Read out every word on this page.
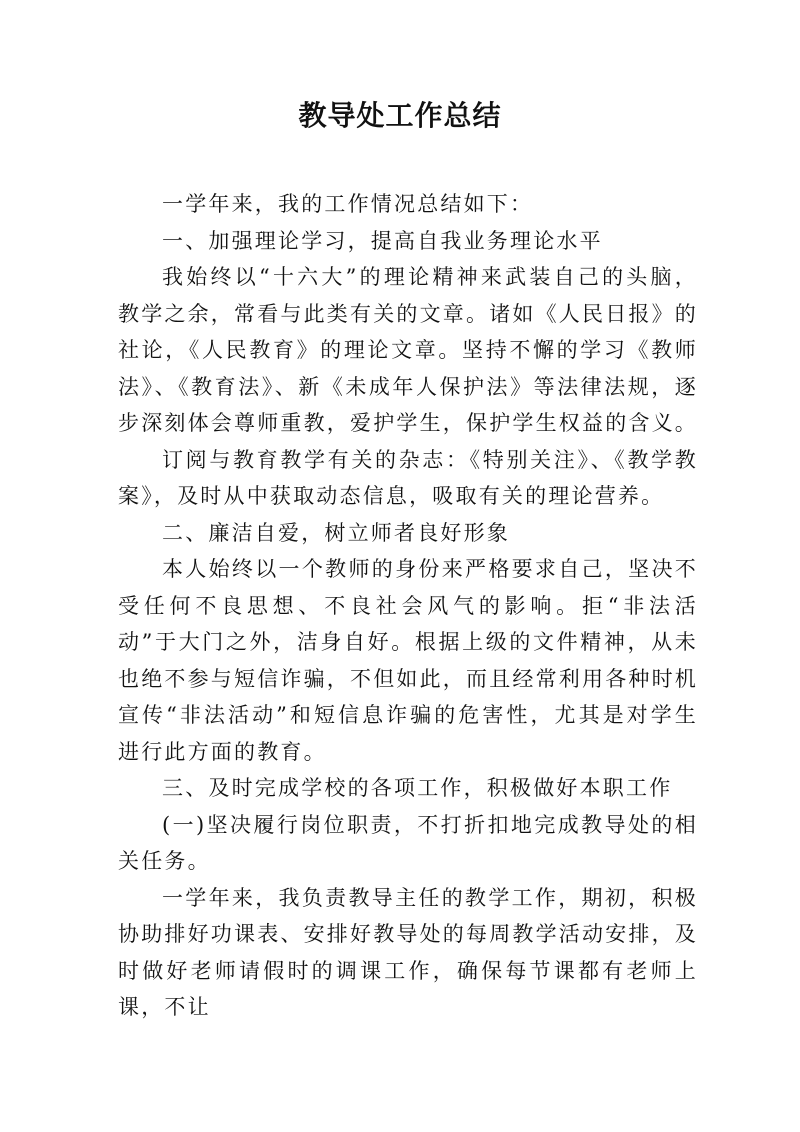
教导处工作总结

一学年来，我的工作情况总结如下：

一、加强理论学习，提高自我业务理论水平

我始终以“十六大”的理论精神来武装自己的头脑，教学之余，常看与此类有关的文章。诸如《人民日报》的社论，《人民教育》的理论文章。坚持不懈的学习《教师法》、《教育法》、新《未成年人保护法》等法律法规，逐步深刻体会尊师重教，爱护学生，保护学生权益的含义。

订阅与教育教学有关的杂志：《特别关注》、《教学教案》，及时从中获取动态信息，吸取有关的理论营养。

二、廉洁自爱，树立师者良好形象

本人始终以一个教师的身份来严格要求自己，坚决不受任何不良思想、不良社会风气的影响。拒“非法活动”于大门之外，洁身自好。根据上级的文件精神，从未也绝不参与短信诈骗，不但如此，而且经常利用各种时机宣传“非法活动”和短信息诈骗的危害性，尤其是对学生进行此方面的教育。

三、及时完成学校的各项工作，积极做好本职工作

(一)坚决履行岗位职责，不打折扣地完成教导处的相关任务。

一学年来，我负责教导主任的教学工作，期初，积极协助排好功课表、安排好教导处的每周教学活动安排，及时做好老师请假时的调课工作，确保每节课都有老师上课，不让
